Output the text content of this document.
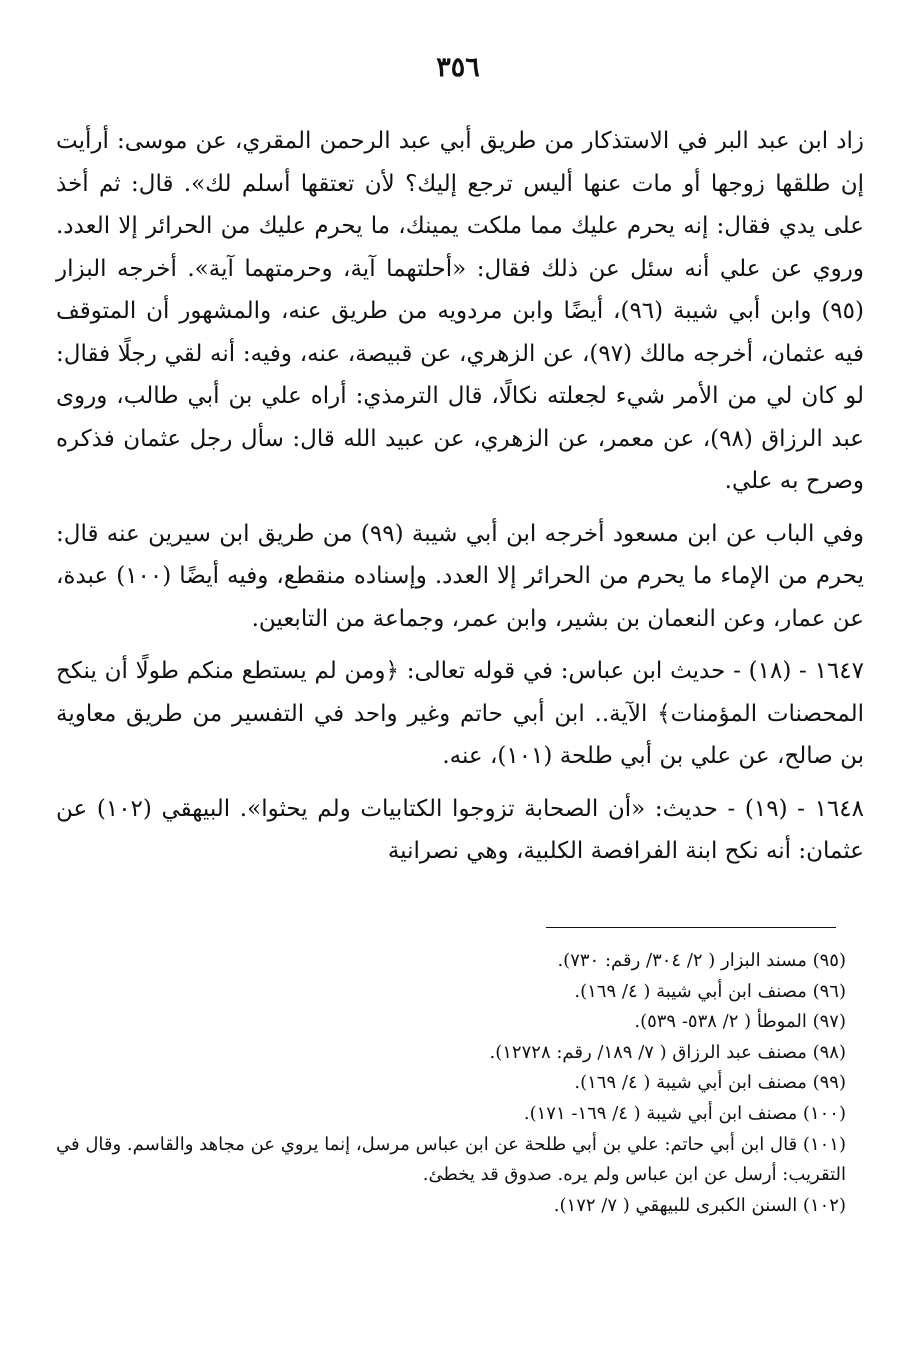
٣٥٦

زاد ابن عبد البر في الاستذكار من طريق أبي عبد الرحمن المقري، عن موسى: أرأيت إن طلقها زوجها أو مات عنها أليس ترجع إليك؟ لأن تعتقها أسلم لك». قال: ثم أخذ على يدي فقال: إنه يحرم عليك مما ملكت يمينك، ما يحرم عليك من الحرائر إلا العدد. وروي عن علي أنه سئل عن ذلك فقال: «أحلتهما آية، وحرمتهما آية». أخرجه البزار (٩٥) وابن أبي شيبة (٩٦)، أيضًا وابن مردويه من طريق عنه، والمشهور أن المتوقف فيه عثمان، أخرجه مالك (٩٧)، عن الزهري، عن قبيصة، عنه، وفيه: أنه لقي رجلًا فقال: لو كان لي من الأمر شيء لجعلته نكالًا، قال الترمذي: أراه علي بن أبي طالب، وروى عبد الرزاق (٩٨)، عن معمر، عن الزهري، عن عبيد الله قال: سأل رجل عثمان فذكره وصرح به علي.

وفي الباب عن ابن مسعود أخرجه ابن أبي شيبة (٩٩) من طريق ابن سيرين عنه قال: يحرم من الإماء ما يحرم من الحرائر إلا العدد. وإسناده منقطع، وفيه أيضًا (١٠٠) عبدة، عن عمار، وعن النعمان بن بشير، وابن عمر، وجماعة من التابعين.

١٦٤٧ - (١٨) - حديث ابن عباس: في قوله تعالى: ﴿ومن لم يستطع منكم طولًا أن ينكح المحصنات المؤمنات﴾ الآية.. ابن أبي حاتم وغير واحد في التفسير من طريق معاوية بن صالح، عن علي بن أبي طلحة (١٠١)، عنه.

١٦٤٨ - (١٩) - حديث: «أن الصحابة تزوجوا الكتابيات ولم يحثوا». البيهقي (١٠٢) عن عثمان: أنه نكح ابنة الفرافصة الكلبية، وهي نصرانية

(٩٥) مسند البزار ( ٢/ ٣٠٤/ رقم: ٧٣٠).
(٩٦) مصنف ابن أبي شيبة ( ٤/ ١٦٩).
(٩٧) الموطأ ( ٢/ ٥٣٨- ٥٣٩).
(٩٨) مصنف عبد الرزاق ( ٧/ ١٨٩/ رقم: ١٢٧٢٨).
(٩٩) مصنف ابن أبي شيبة ( ٤/ ١٦٩).
(١٠٠) مصنف ابن أبي شيبة ( ٤/ ١٦٩- ١٧١).
(١٠١) قال ابن أبي حاتم: علي بن أبي طلحة عن ابن عباس مرسل، إنما يروي عن مجاهد والقاسم. وقال في التقريب: أرسل عن ابن عباس ولم يره. صدوق قد يخطئ.
(١٠٢) السنن الكبرى للبيهقي ( ٧/ ١٧٢).
